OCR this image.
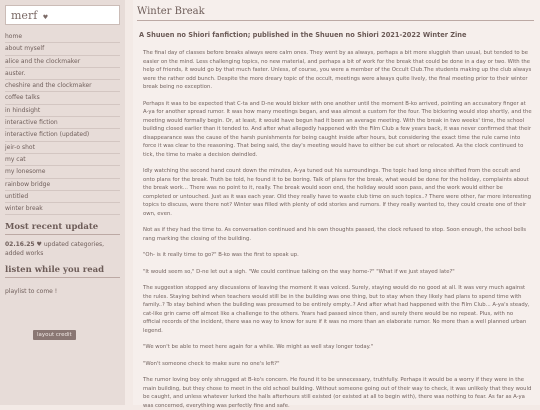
merf ♥
home
about myself
alice and the clockmaker
auster.
cheshire and the clockmaker
coffee talks
in hindsight
interactive fiction
interactive fiction (updated)
jeir-o shot
my cat
my lonesome
rainbow bridge
untitled
winter break
Most recent update
02.16.25 ♥ updated categories, added works
listen while you read
playlist to come !
layout credit
Winter Break
A Shuuen no Shiori fanfiction; published in the Shuuen no Shiori 2021-2022 Winter Zine

The final day of classes before breaks always were calm ones. They went by as always, perhaps a bit more sluggish than usual, but tended to be easier on the mind. Less challenging topics, no new material, and perhaps a bit of work for the break that could be done in a day or two. With the help of friends, it would go by that much faster. Unless, of course, you were a member of the Occult Club.The students making up the club always were the rather odd bunch. Despite the more dreary topic of the occult, meetings were always quite lively, the final meeting prior to their winter break being no exception.

Perhaps it was to be expected that C-ta and D-ne would bicker with one another until the moment B-ko arrived, pointing an accusatory finger at A-ya for another spread rumor. It was how many meetings began, and was almost a custom for the four. The bickering would stop shortly, and the meeting would formally begin. Or, at least, it would have begun had it been an average meeting. With the break in two weeks' time, the school building closed earlier than it tended to. And after what allegedly happened with the Film Club a few years back, it was never confirmed that their disappearance was the cause of the harsh punishments for being caught inside after hours, but considering the exact time the rule came into force it was clear to the reasoning. That being said, the day's meeting would have to either be cut short or relocated. As the clock continued to tick, the time to make a decision dwindled.

Idly watching the second hand count down the minutes, A-ya tuned out his surroundings. The topic had long since shifted from the occult and onto plans for the break. Truth be told, he found it to be boring. Talk of plans for the break, what would be done for the holiday, complaints about the break work... There was no point to it, really. The break would soon end, the holiday would soon pass, and the work would either be completed or untouched. Just as it was each year. Old they really have to waste club time on such topics..? There were other, far more interesting topics to discuss, were there not? Winter was filled with plenty of odd stories and rumors. If they really wanted to, they could create one of their own, even.

Not as if they had the time to. As conversation continued and his own thoughts passed, the clock refused to stop. Soon enough, the school bells rang marking the closing of the building.

"Oh- is it really time to go?" B-ko was the first to speak up.

"It would seem so," D-ne let out a sigh. "We could continue talking on the way home-?" "What if we just stayed late?"

The suggestion stopped any discussions of leaving the moment it was voiced. Surely, staying would do no good at all. It was very much against the rules. Staying behind when teachers would still be in the building was one thing, but to stay when they likely had plans to spend time with family..? To stay behind when the building was presumed to be entirely empty..? And after what had happened with the Film Club... A-ya's steady, cat-like grin came off almost like a challenge to the others. Years had passed since then, and surely there would be no repeat. Plus, with no official records of the incident, there was no way to know for sure if it was no more than an elaborate rumor. No more than a well planned urban legend.

"We won't be able to meet here again for a while. We might as well stay longer today."

"Won't someone check to make sure no one's left?"

The rumor loving boy only shrugged at B-ko's concern. He found it to be unnecessary, truthfully. Perhaps it would be a worry if they were in the main building, but they chose to meet in the old school building. Without someone going out of their way to check, it was unlikely that they would be caught, and unless whatever lurked the halls afterhours still existed (or existed at all to begin with), there was nothing to fear. As far as A-ya was concerned, everything was perfectly fine and safe.
